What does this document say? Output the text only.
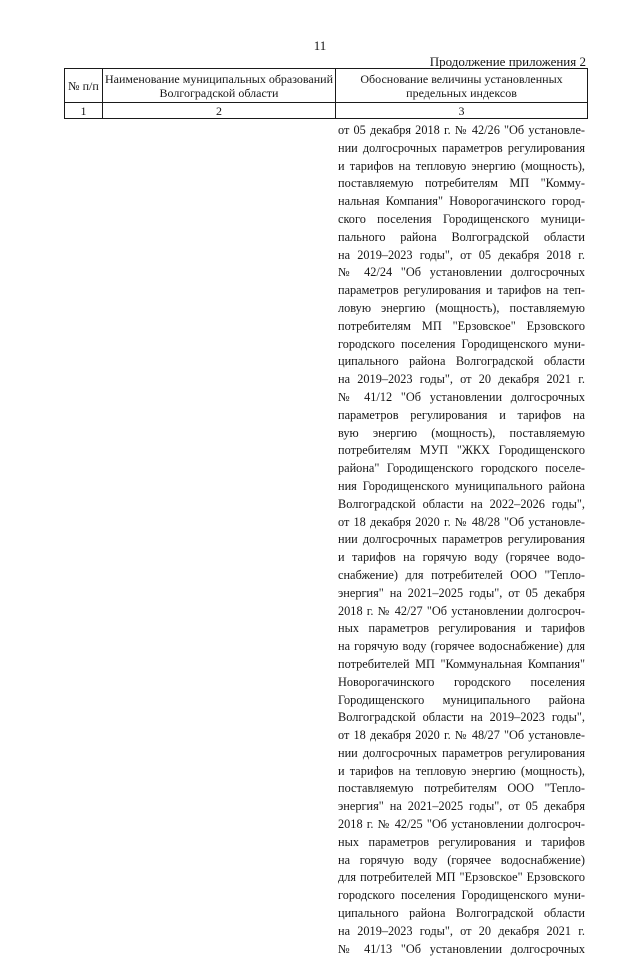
11
Продолжение приложения 2
№ п/п	Наименование муниципальных образований Волгоградской области	Обоснование величины установленных предельных индексов
1	2	3
от 05 декабря 2018 г. № 42/26 "Об установле-
нии долгосрочных параметров регулирования
и тарифов на тепловую энергию (мощность),
поставляемую потребителям МП "Комму-
нальная Компания" Новорогачинского город-
ского поселения Городищенского муници-
пального района Волгоградской области
на 2019–2023 годы", от 05 декабря 2018 г.
№ 42/24 "Об установлении долгосрочных
параметров регулирования и тарифов на теп-
ловую энергию (мощность), поставляемую
потребителям МП "Ерзовское" Ерзовского
городского поселения Городищенского муни-
ципального района Волгоградской области
на 2019–2023 годы", от 20 декабря 2021 г.
№ 41/12 "Об установлении долгосрочных
параметров регулирования и тарифов на
вую энергию (мощность), поставляемую
потребителям МУП "ЖКХ Городищенского
района" Городищенского городского поселе-
ния Городищенского муниципального района
Волгоградской области на 2022–2026 годы",
от 18 декабря 2020 г. № 48/28 "Об установле-
нии долгосрочных параметров регулирования
и тарифов на горячую воду (горячее водо-
снабжение) для потребителей ООО "Тепло-
энергия" на 2021–2025 годы", от 05 декабря
2018 г. № 42/27 "Об установлении долгосроч-
ных параметров регулирования и тарифов
на горячую воду (горячее водоснабжение) для
потребителей МП "Коммунальная Компания"
Новорогачинского городского поселения
Городищенского муниципального района
Волгоградской области на 2019–2023 годы",
от 18 декабря 2020 г. № 48/27 "Об установле-
нии долгосрочных параметров регулирования
и тарифов на тепловую энергию (мощность),
поставляемую потребителям ООО "Тепло-
энергия" на 2021–2025 годы", от 05 декабря
2018 г. № 42/25 "Об установлении долгосроч-
ных параметров регулирования и тарифов
на горячую воду (горячее водоснабжение)
для потребителей МП "Ерзовское" Ерзовского
городского поселения Городищенского муни-
ципального района Волгоградской области
на 2019–2023 годы", от 20 декабря 2021 г.
№ 41/13 "Об установлении долгосрочных
